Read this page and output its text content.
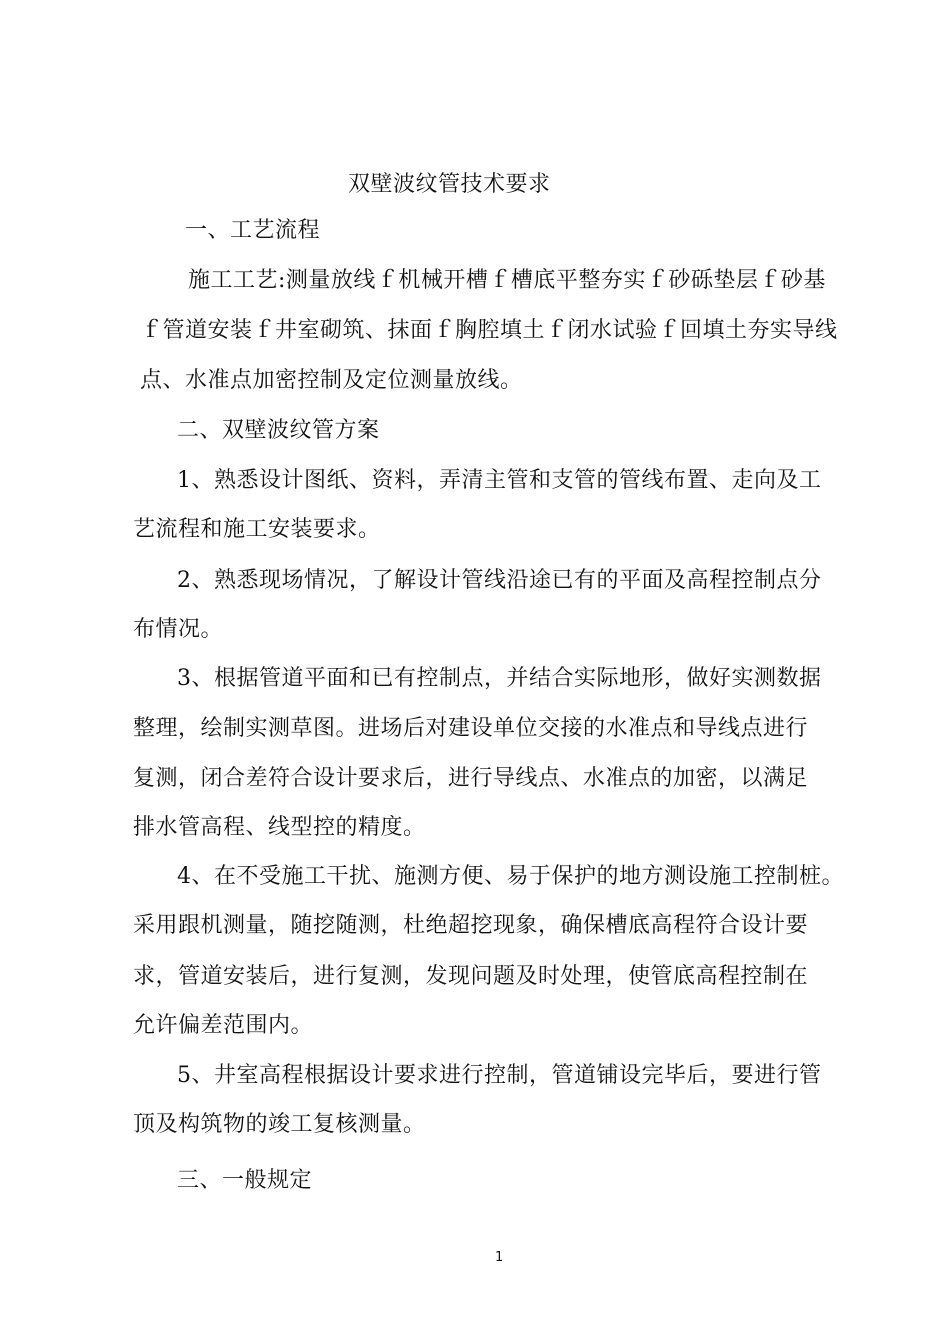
双壁波纹管技术要求
一、工艺流程
施工工艺:测量放线ｆ机械开槽ｆ槽底平整夯实ｆ砂砾垫层ｆ砂基
ｆ管道安装ｆ井室砌筑、抹面ｆ胸腔填土ｆ闭水试验ｆ回填土夯实导线
点、水准点加密控制及定位测量放线。
二、双壁波纹管方案
1、熟悉设计图纸、资料，弄清主管和支管的管线布置、走向及工
艺流程和施工安装要求。
2、熟悉现场情况，了解设计管线沿途已有的平面及高程控制点分
布情况。
3、根据管道平面和已有控制点，并结合实际地形，做好实测数据
整理，绘制实测草图。进场后对建设单位交接的水准点和导线点进行
复测，闭合差符合设计要求后，进行导线点、水准点的加密，以满足
排水管高程、线型控的精度。
4、在不受施工干扰、施测方便、易于保护的地方测设施工控制桩。
采用跟机测量，随挖随测，杜绝超挖现象，确保槽底高程符合设计要
求，管道安装后，进行复测，发现问题及时处理，使管底高程控制在
允许偏差范围内。
5、井室高程根据设计要求进行控制，管道铺设完毕后，要进行管
顶及构筑物的竣工复核测量。
三、一般规定
1
